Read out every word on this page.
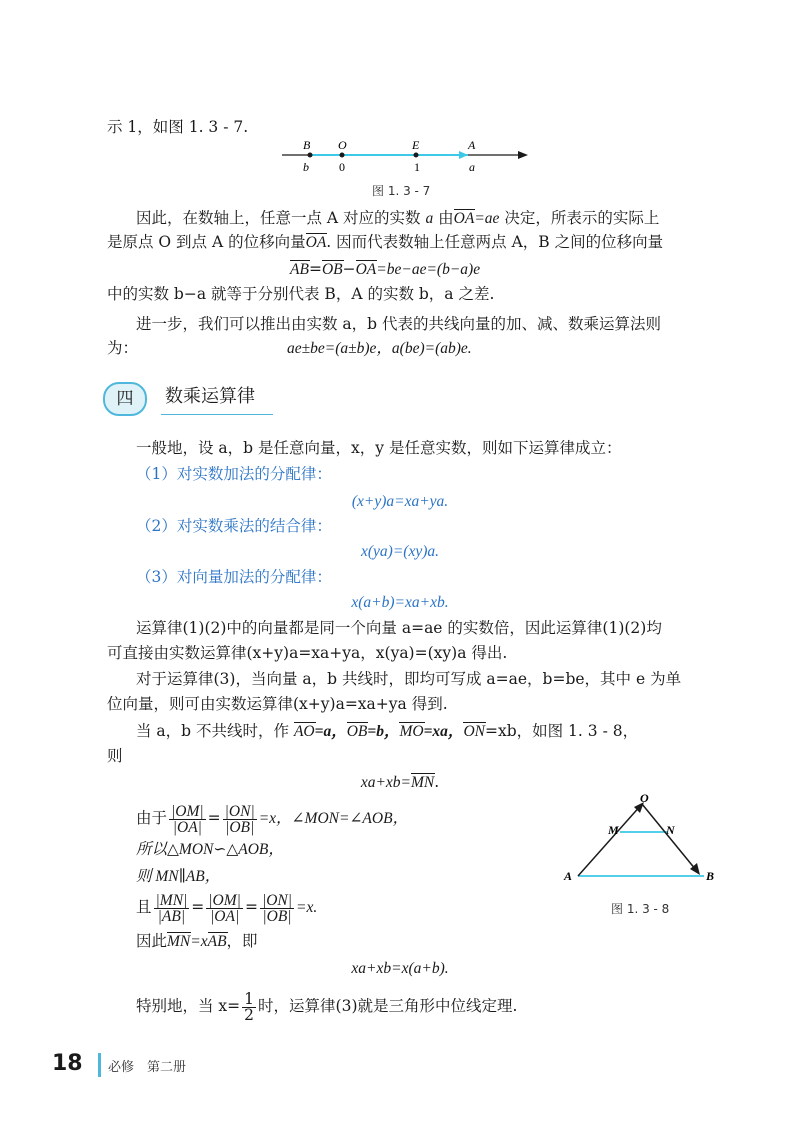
示 1，如图 1. 3 - 7.
B O	E	A
b	0	1	a
图 1. 3 - 7
因此，在数轴上，任意一点 A 对应的实数 a 由OA=ae 决定，所表示的实际上
是原点 O 到点 A 的位移向量OA. 因而代表数轴上任意两点 A，B 之间的位移向量
AB=OB−OA=be−ae=(b−a)e
中的实数 b−a 就等于分别代表 B，A 的实数 b，a 之差.
进一步，我们可以推出由实数 a，b 代表的共线向量的加、减、数乘运算法则
为：	ae±be=(a±b)e，a(be)=(ab)e.
四	数乘运算律
一般地，设 a，b 是任意向量，x，y 是任意实数，则如下运算律成立：
（1）对实数加法的分配律：
(x+y)a=xa+ya.
（2）对实数乘法的结合律：
x(ya)=(xy)a.
（3）对向量加法的分配律：
x(a+b)=xa+xb.
运算律(1)(2)中的向量都是同一个向量 a=ae 的实数倍，因此运算律(1)(2)均
可直接由实数运算律(x+y)a=xa+ya，x(ya)=(xy)a 得出.
对于运算律(3)，当向量 a，b 共线时，即均可写成 a=ae，b=be，其中 e 为单
位向量，则可由实数运算律(x+y)a=xa+ya 得到.
当 a，b 不共线时，作 AO=a，OB=b，MO=xa，ON=xb，如图 1. 3 - 8，
则
xa+xb=MN.
由于 $\frac{|OM|}{|OA|} = \frac{|ON|}{|OB|} =x$，∠MON=∠AOB，
所以△MON∽△AOB，
则 MN∥AB，
且 $\frac{|MN|}{|AB|} = \frac{|OM|}{|OA|} = \frac{|ON|}{|OB|} =x$.
因此MN=xAB，即
xa+xb=x(a+b).
特别地，当 $x= \frac{1}{2}$ 时，运算律(3)就是三角形中位线定理.
O
M	N
A	B
图 1. 3 - 8
18 必修　第二册
